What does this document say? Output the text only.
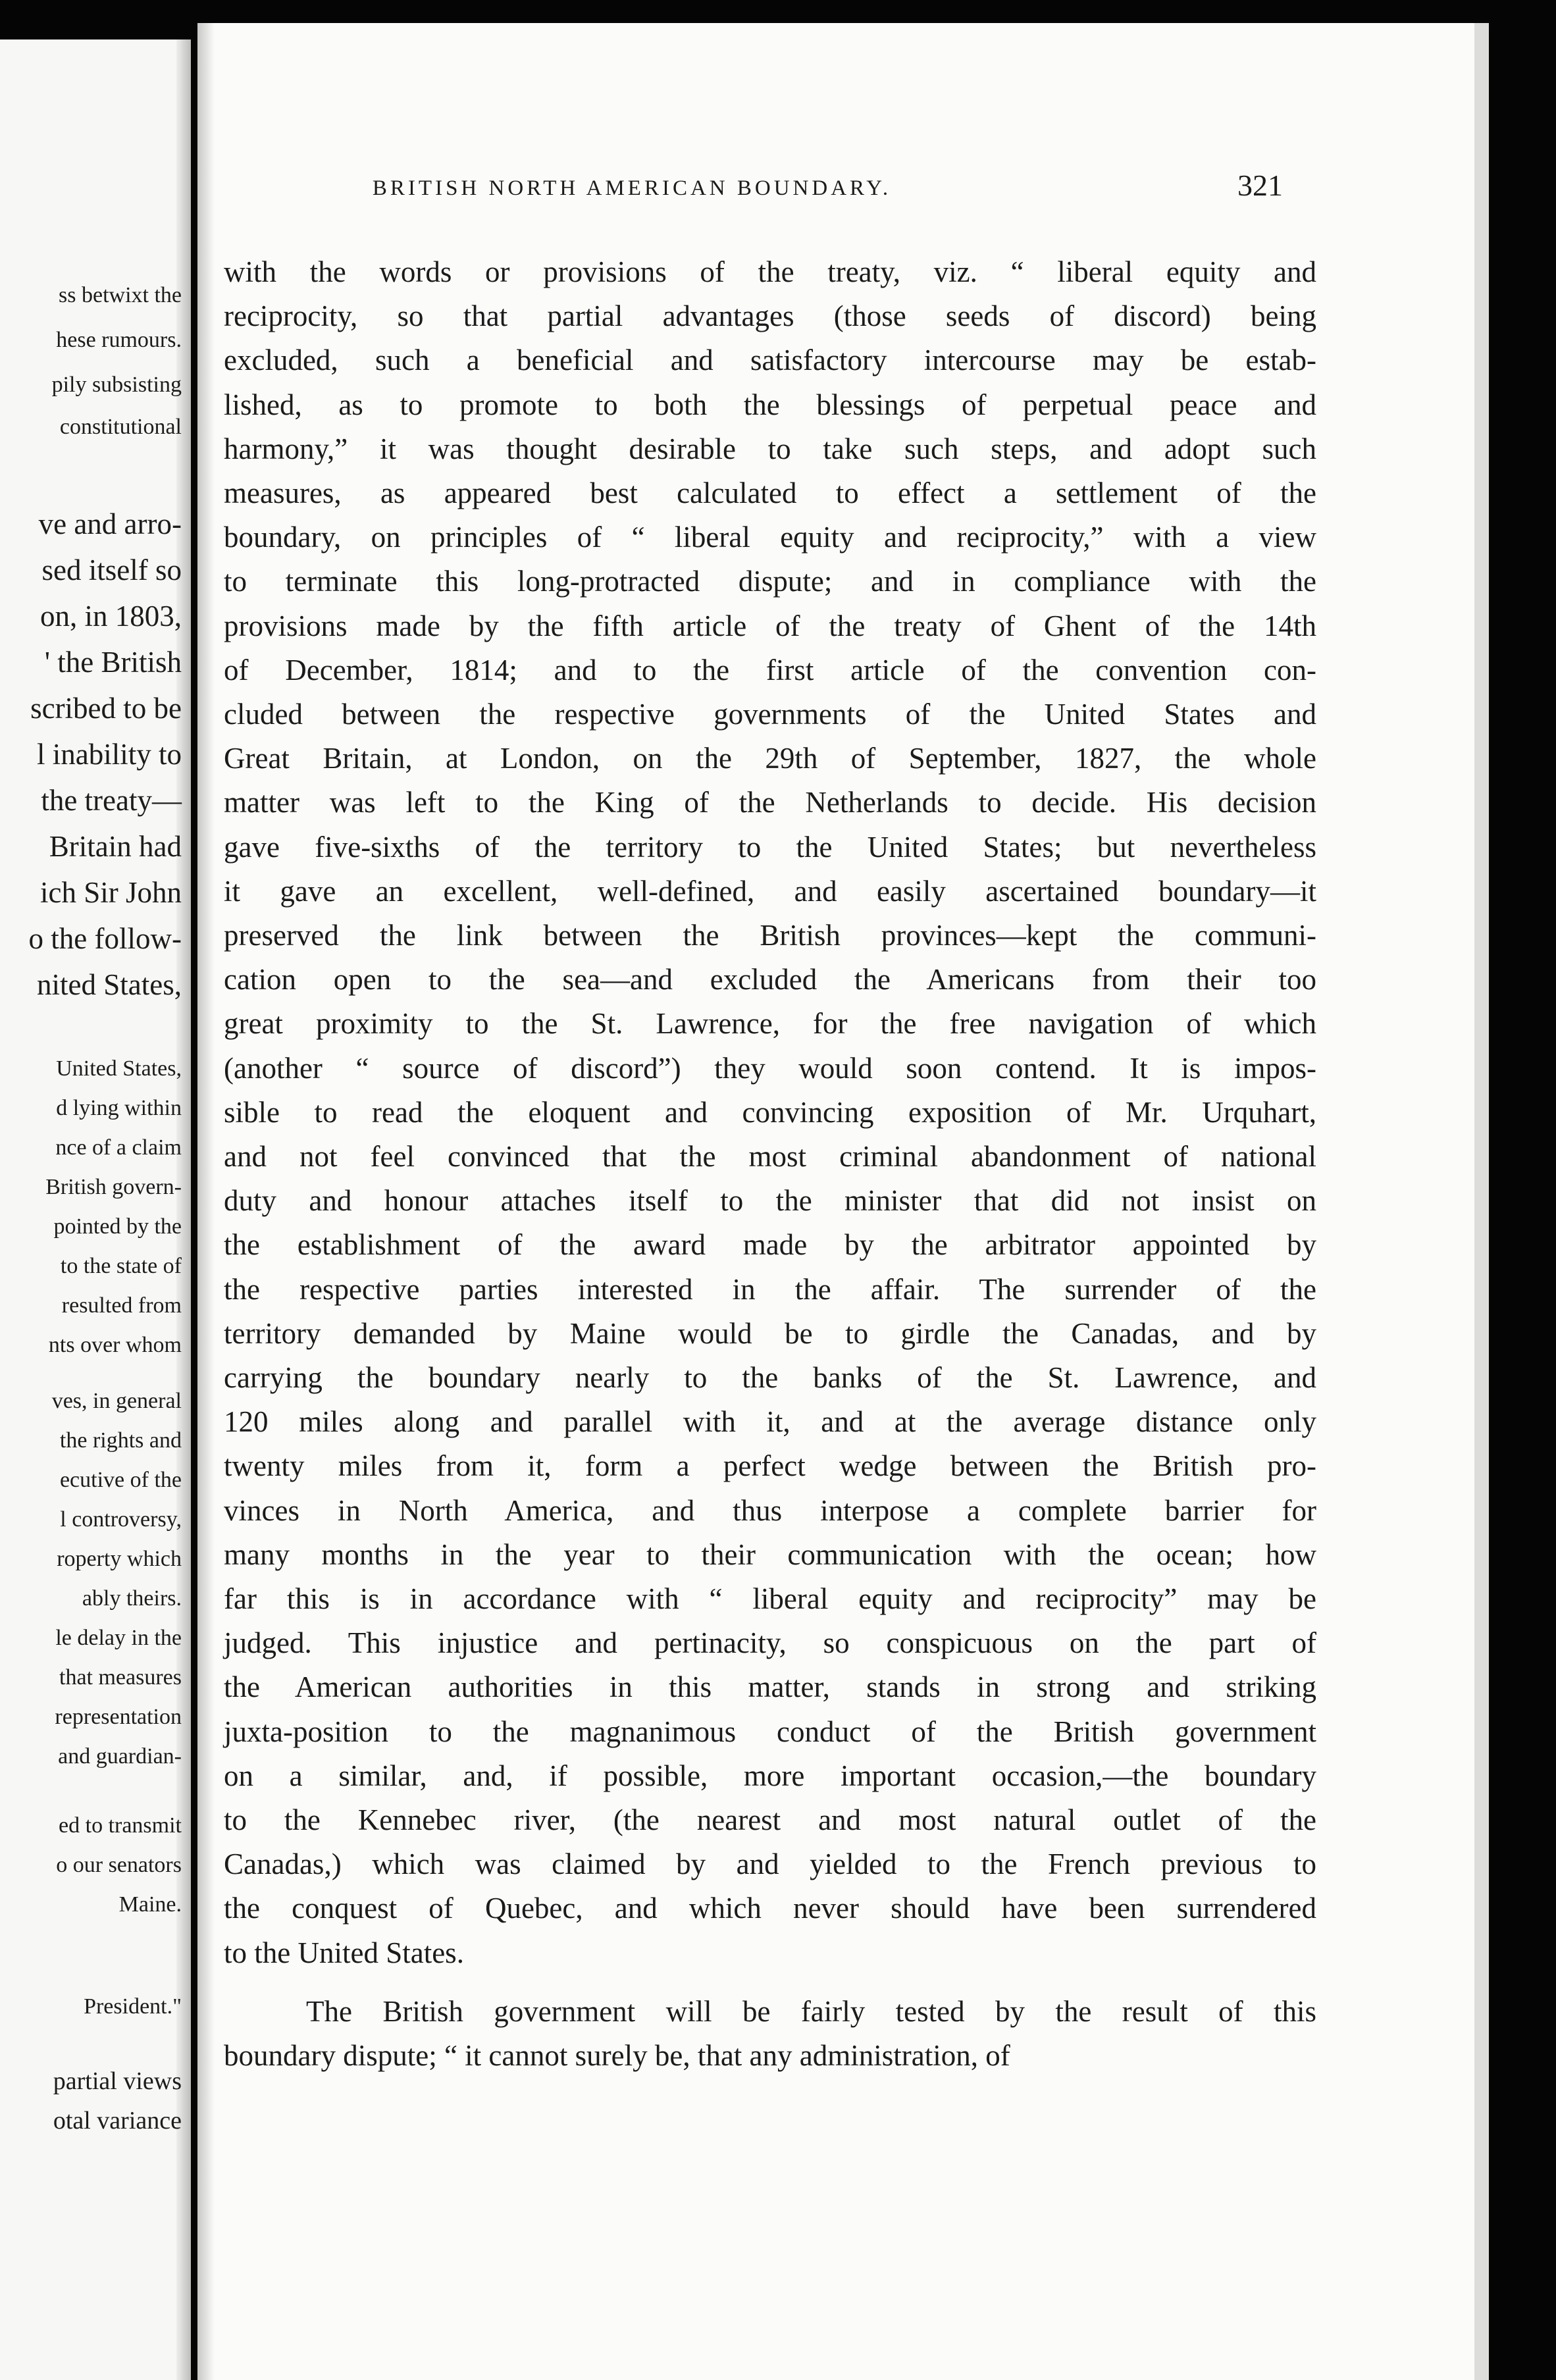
ss betwixt the
hese rumours.
pily subsisting
constitutional
ve and arro-
sed itself so
on, in 1803,
' the British
scribed to be
l inability to
the treaty—
Britain had
ich Sir John
o the follow-
nited States,
United States,
d lying within
nce of a claim
British govern-
pointed by the
to the state of
resulted from
nts over whom
ves, in general
the rights and
ecutive of the
l controversy,
roperty which
ably theirs.
le delay in the
that measures
representation
and guardian-
ed to transmit
o our senators
Maine.
President."
partial views
otal variance
BRITISH NORTH AMERICAN BOUNDARY.	321
with the words or provisions of the treaty, viz. “ liberal equity and
reciprocity, so that partial advantages (those seeds of discord) being
excluded, such a beneficial and satisfactory intercourse may be estab-
lished, as to promote to both the blessings of perpetual peace and
harmony,” it was thought desirable to take such steps, and adopt such
measures, as appeared best calculated to effect a settlement of the
boundary, on principles of “ liberal equity and reciprocity,” with a view
to terminate this long-protracted dispute; and in compliance with the
provisions made by the fifth article of the treaty of Ghent of the 14th
of December, 1814; and to the first article of the convention con-
cluded between the respective governments of the United States and
Great Britain, at London, on the 29th of September, 1827, the whole
matter was left to the King of the Netherlands to decide. His decision
gave five-sixths of the territory to the United States; but nevertheless
it gave an excellent, well-defined, and easily ascertained boundary—it
preserved the link between the British provinces—kept the communi-
cation open to the sea—and excluded the Americans from their too
great proximity to the St. Lawrence, for the free navigation of which
(another “ source of discord”) they would soon contend. It is impos-
sible to read the eloquent and convincing exposition of Mr. Urquhart,
and not feel convinced that the most criminal abandonment of national
duty and honour attaches itself to the minister that did not insist on
the establishment of the award made by the arbitrator appointed by
the respective parties interested in the affair. The surrender of the
territory demanded by Maine would be to girdle the Canadas, and by
carrying the boundary nearly to the banks of the St. Lawrence, and
120 miles along and parallel with it, and at the average distance only
twenty miles from it, form a perfect wedge between the British pro-
vinces in North America, and thus interpose a complete barrier for
many months in the year to their communication with the ocean; how
far this is in accordance with “ liberal equity and reciprocity” may be
judged. This injustice and pertinacity, so conspicuous on the part of
the American authorities in this matter, stands in strong and striking
juxta-position to the magnanimous conduct of the British government
on a similar, and, if possible, more important occasion,—the boundary
to the Kennebec river, (the nearest and most natural outlet of the
Canadas,) which was claimed by and yielded to the French previous to
the conquest of Quebec, and which never should have been surrendered
to the United States.
The British government will be fairly tested by the result of this
boundary dispute; “ it cannot surely be, that any administration, of
